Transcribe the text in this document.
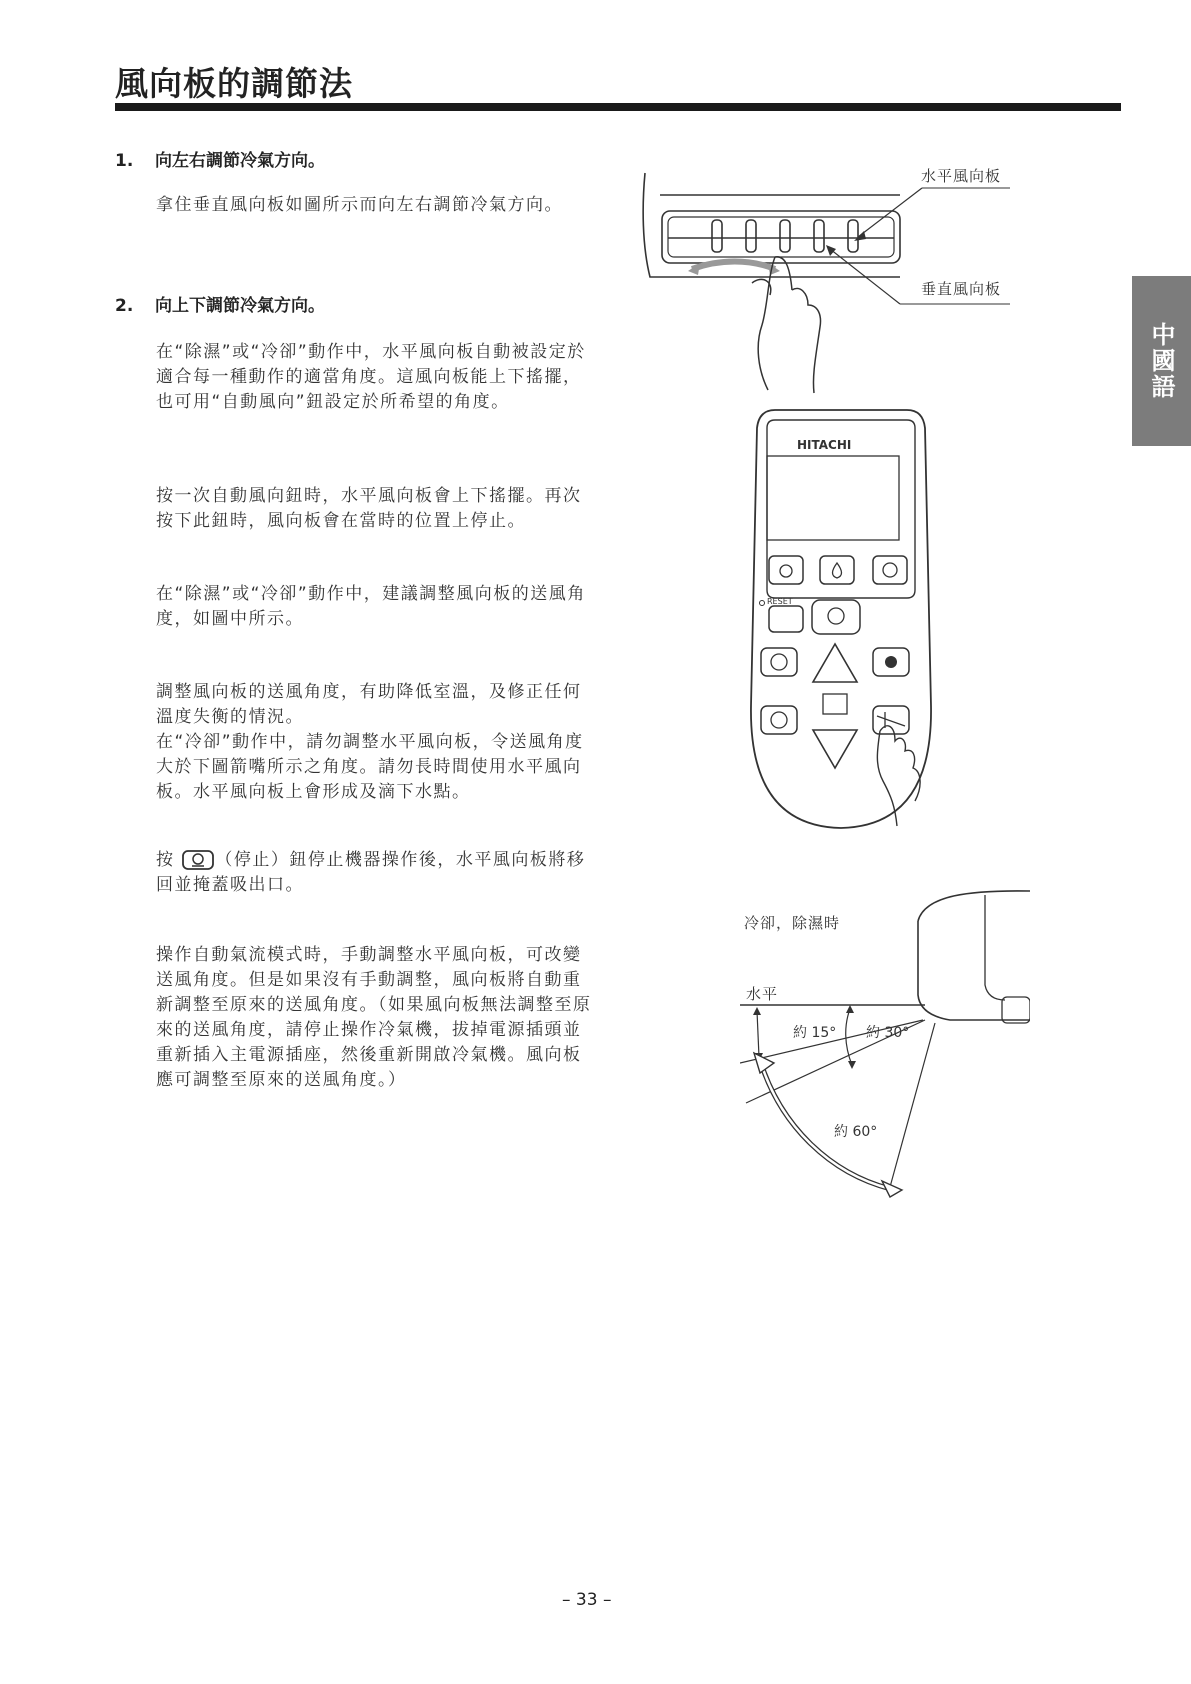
風向板的調節法
中國語
1. 向左右調節冷氣方向。

拿住垂直風向板如圖所示而向左右調節冷氣方向。

2. 向上下調節冷氣方向。

在“除濕”或“冷卻”動作中，水平風向板自動被設定於適合每一種動作的適當角度。這風向板能上下搖擺，也可用“自動風向”鈕設定於所希望的角度。

按一次自動風向鈕時，水平風向板會上下搖擺。再次按下此鈕時，風向板會在當時的位置上停止。

在“除濕”或“冷卻”動作中，建議調整風向板的送風角度，如圖中所示。

調整風向板的送風角度，有助降低室溫，及修正任何溫度失衡的情況。

在“冷卻”動作中，請勿調整水平風向板，令送風角度大於下圖箭嘴所示之角度。請勿長時間使用水平風向板。水平風向板上會形成及滴下水點。

按 （停止）鈕停止機器操作後，水平風向板將移回並掩蓋吸出口。

操作自動氣流模式時，手動調整水平風向板，可改變送風角度。但是如果沒有手動調整，風向板將自動重新調整至原來的送風角度。（如果風向板無法調整至原來的送風角度，請停止操作冷氣機，拔掉電源插頭並重新插入主電源插座，然後重新開啟冷氣機。風向板應可調整至原來的送風角度。）

水平風向板
垂直風向板
HITACHI
RESET
冷卻，除濕時
水平
約 15° 約 30°
約 60°
– 33 –
